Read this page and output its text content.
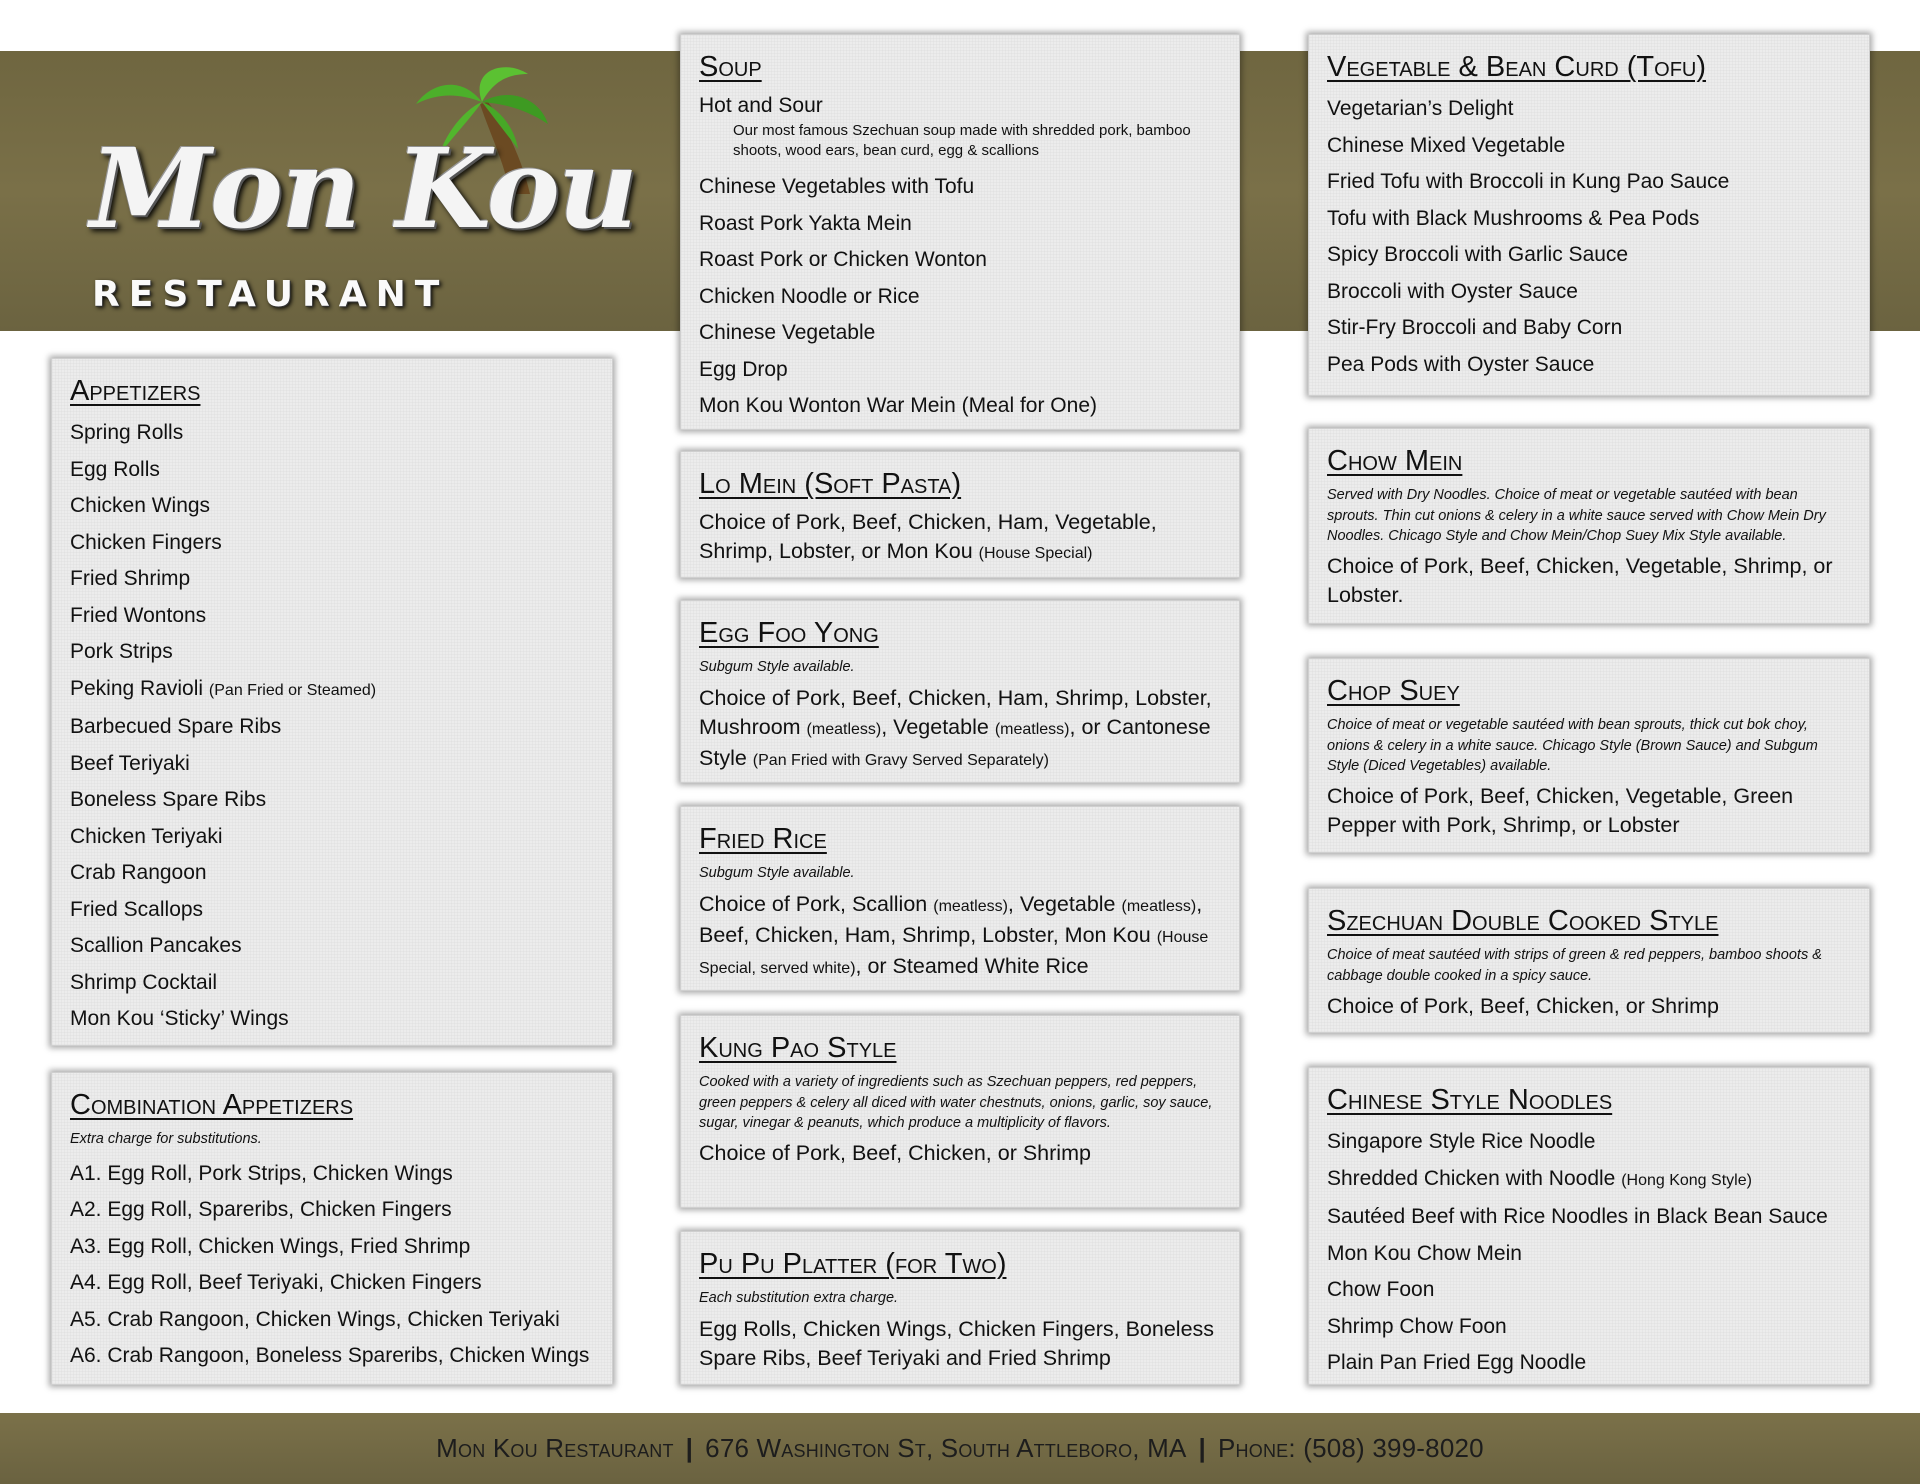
Mon Kou
RESTAURANT
Appetizers
Spring Rolls
Egg Rolls
Chicken Wings
Chicken Fingers
Fried Shrimp
Fried Wontons
Pork Strips
Peking Ravioli (Pan Fried or Steamed)
Barbecued Spare Ribs
Beef Teriyaki
Boneless Spare Ribs
Chicken Teriyaki
Crab Rangoon
Fried Scallops
Scallion Pancakes
Shrimp Cocktail
Mon Kou ‘Sticky’ Wings
Combination Appetizers
Extra charge for substitutions.
A1. Egg Roll, Pork Strips, Chicken Wings
A2. Egg Roll, Spareribs, Chicken Fingers
A3. Egg Roll, Chicken Wings, Fried Shrimp
A4. Egg Roll, Beef Teriyaki, Chicken Fingers
A5. Crab Rangoon, Chicken Wings, Chicken Teriyaki
A6. Crab Rangoon, Boneless Spareribs, Chicken Wings
Soup
Hot and Sour
Our most famous Szechuan soup made with shredded pork, bamboo shoots, wood ears, bean curd, egg & scallions
Chinese Vegetables with Tofu
Roast Pork Yakta Mein
Roast Pork or Chicken Wonton
Chicken Noodle or Rice
Chinese Vegetable
Egg Drop
Mon Kou Wonton War Mein (Meal for One)
Lo Mein (Soft Pasta)

Choice of Pork, Beef, Chicken, Ham, Vegetable, Shrimp, Lobster, or Mon Kou (House Special)

Egg Foo Yong
Subgum Style available.

Choice of Pork, Beef, Chicken, Ham, Shrimp, Lobster, Mushroom (meatless), Vegetable (meatless), or Cantonese Style (Pan Fried with Gravy Served Separately)

Fried Rice
Subgum Style available.

Choice of Pork, Scallion (meatless), Vegetable (meatless), Beef, Chicken, Ham, Shrimp, Lobster, Mon Kou (House Special, served white), or Steamed White Rice

Kung Pao Style
Cooked with a variety of ingredients such as Szechuan peppers, red peppers, green peppers & celery all diced with water chestnuts, onions, garlic, soy sauce, sugar, vinegar & peanuts, which produce a multiplicity of flavors.

Choice of Pork, Beef, Chicken, or Shrimp

Pu Pu Platter (for Two)
Each substitution extra charge.

Egg Rolls, Chicken Wings, Chicken Fingers, Boneless Spare Ribs, Beef Teriyaki and Fried Shrimp

Vegetable & Bean Curd (Tofu)
Vegetarian’s Delight
Chinese Mixed Vegetable
Fried Tofu with Broccoli in Kung Pao Sauce
Tofu with Black Mushrooms & Pea Pods
Spicy Broccoli with Garlic Sauce
Broccoli with Oyster Sauce
Stir-Fry Broccoli and Baby Corn
Pea Pods with Oyster Sauce
Chow Mein
Served with Dry Noodles. Choice of meat or vegetable sautéed with bean sprouts. Thin cut onions & celery in a white sauce served with Chow Mein Dry Noodles. Chicago Style and Chow Mein/Chop Suey Mix Style available.

Choice of Pork, Beef, Chicken, Vegetable, Shrimp, or Lobster.

Chop Suey
Choice of meat or vegetable sautéed with bean sprouts, thick cut bok choy, onions & celery in a white sauce. Chicago Style (Brown Sauce) and Subgum Style (Diced Vegetables) available.

Choice of Pork, Beef, Chicken, Vegetable, Green Pepper with Pork, Shrimp, or Lobster

Szechuan Double Cooked Style
Choice of meat sautéed with strips of green & red peppers, bamboo shoots & cabbage double cooked in a spicy sauce.

Choice of Pork, Beef, Chicken, or Shrimp

Chinese Style Noodles
Singapore Style Rice Noodle
Shredded Chicken with Noodle (Hong Kong Style)
Sautéed Beef with Rice Noodles in Black Bean Sauce
Mon Kou Chow Mein
Chow Foon
Shrimp Chow Foon
Plain Pan Fried Egg Noodle
Mon Kou Restaurant | 676 Washington St, South Attleboro, MA | Phone: (508) 399-8020
